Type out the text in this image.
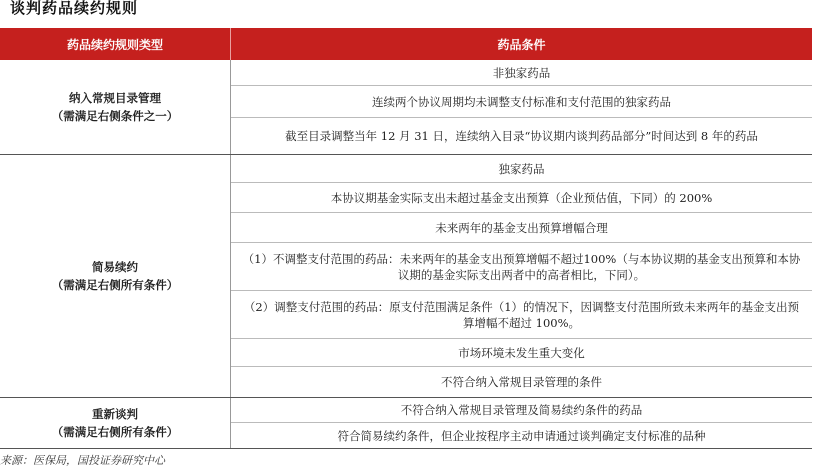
谈判药品续约规则
药品续约规则类型	药品条件
纳入常规目录管理
（需满足右侧条件之一）
非独家药品
连续两个协议周期均未调整支付标准和支付范围的独家药品
截至目录调整当年 12 月 31 日，连续纳入目录“协议期内谈判药品部分”时间达到 8 年的药品
简易续约
（需满足右侧所有条件）
独家药品
本协议期基金实际支出未超过基金支出预算（企业预估值，下同）的 200%
未来两年的基金支出预算增幅合理
（1）不调整支付范围的药品：未来两年的基金支出预算增幅不超过100%（与本协议期的基金支出预算和本协议期的基金实际支出两者中的高者相比，下同）。
（2）调整支付范围的药品：原支付范围满足条件（1）的情况下，因调整支付范围所致未来两年的基金支出预算增幅不超过 100%。
市场环境未发生重大变化
不符合纳入常规目录管理的条件
重新谈判
（需满足右侧所有条件）
不符合纳入常规目录管理及简易续约条件的药品
符合简易续约条件，但企业按程序主动申请通过谈判确定支付标准的品种
来源：医保局，国投证券研究中心
